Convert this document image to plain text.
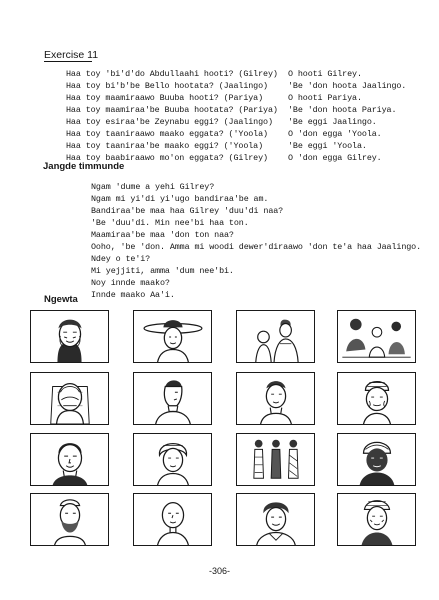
Exercise 11
Haa toy 'bi'd'do Abdullaahi hooti? (Gilrey)
Haa toy bi'b'be Bello hootata? (Jaalingo)
Haa toy maamiraawo Buuba hooti? (Pariya)
Haa toy maamiraa'be Buuba hootata? (Pariya)
Haa toy esiraa'be Zeynabu eggi? (Jaalingo)
Haa toy taaniraawo maako eggata? ('Yoola)
Haa toy taaniraa'be maako eggi? ('Yoola)
Haa toy baabiraawo mo'on eggata? (Gilrey)
O hooti Gilrey.
'Be 'don hoota Jaalingo.
O hooti Pariya.
'Be 'don hoota Pariya.
'Be eggi Jaalingo.
O 'don egga 'Yoola.
'Be eggi 'Yoola.
O 'don egga Gilrey.
Jangde timmunde
Ngam 'dume a yehi Gilrey?
Ngam mi yi'di yi'ugo bandiraa'be am.
Bandiraa'be maa haa Gilrey 'duu'di naa?
'Be 'duu'di. Min nee'bi haa ton.
Maamiraa'be maa 'don ton naa?
Ooho, 'be 'don. Amma mi woodi dewer'diraawo 'don te'a haa Jaalingo.
Ndey o te'i?
Mi yejjiti, amma 'dum nee'bi.
Noy innde maako?
Innde maako Aa'i.
Ngewta
-306-
